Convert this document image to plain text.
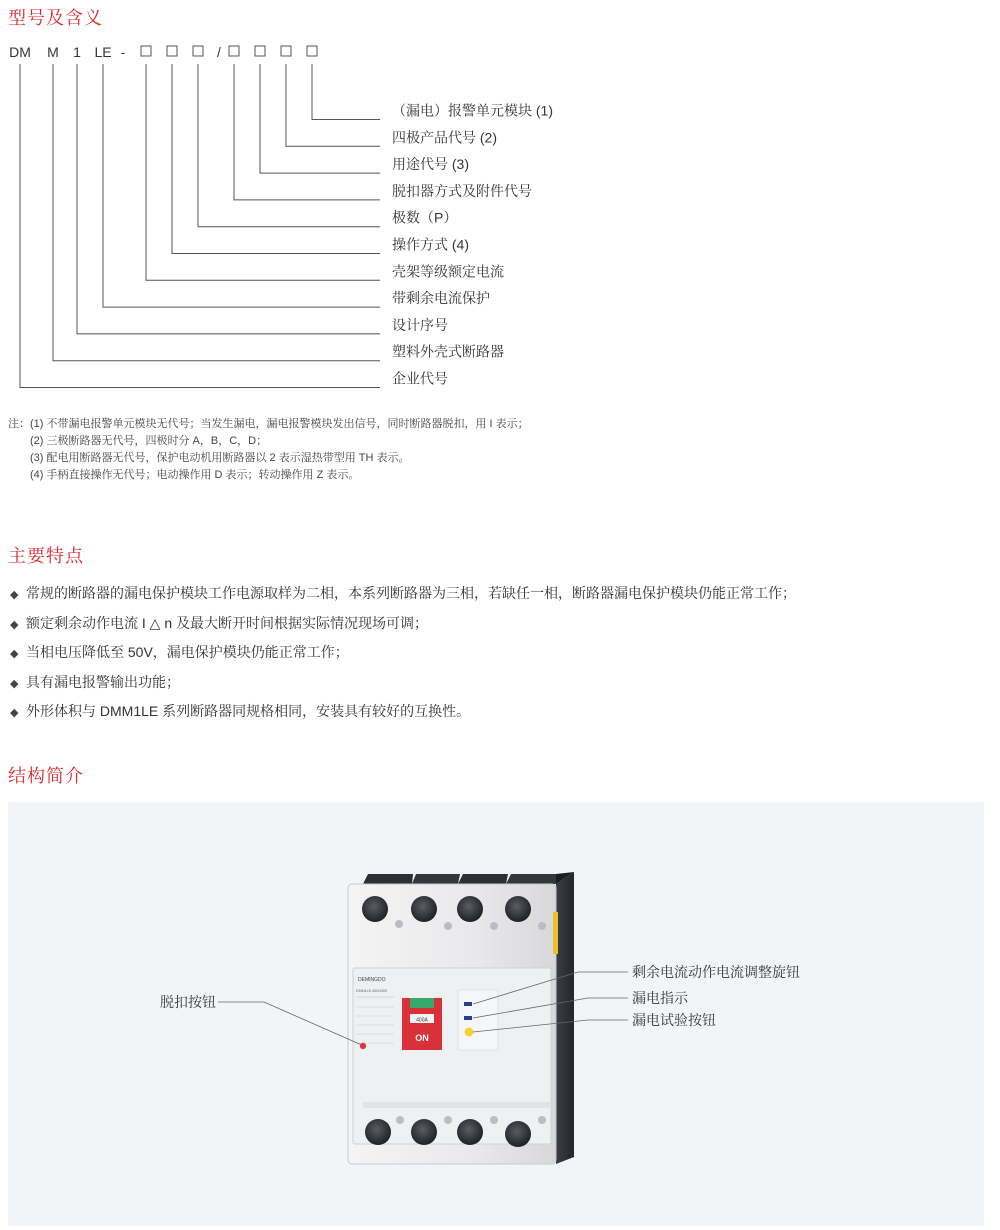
型号及含义
DM M 1 LE -	/
（漏电）报警单元模块 (1)
四极产品代号 (2)
用途代号 (3)
脱扣器方式及附件代号
极数（P）
操作方式 (4)
壳架等级额定电流
带剩余电流保护
设计序号
塑料外壳式断路器
企业代号
注：(1) 不带漏电报警单元模块无代号；当发生漏电，漏电报警模块发出信号，同时断路器脱扣，用 I 表示；
(2) 三极断路器无代号，四极时分 A，B，C，D；
(3) 配电用断路器无代号，保护电动机用断路器以 2 表示湿热带型用 TH 表示。
(4) 手柄直接操作无代号；电动操作用 D 表示；转动操作用 Z 表示。
主要特点
◆ 常规的断路器的漏电保护模块工作电源取样为二相，本系列断路器为三相，若缺任一相，断路器漏电保护模块仍能正常工作；
◆ 额定剩余动作电流 I △ n 及最大断开时间根据实际情况现场可调；
◆ 当相电压降低至 50V，漏电保护模块仍能正常工作；
◆ 具有漏电报警输出功能；
◆ 外形体积与 DMM1LE 系列断路器同规格相同，安装具有较好的互换性。
结构简介
DEMINGDO
DMM1LE-400/4300
400A
ON
脱扣按钮
剩余电流动作电流调整旋钮
漏电指示
漏电试验按钮
